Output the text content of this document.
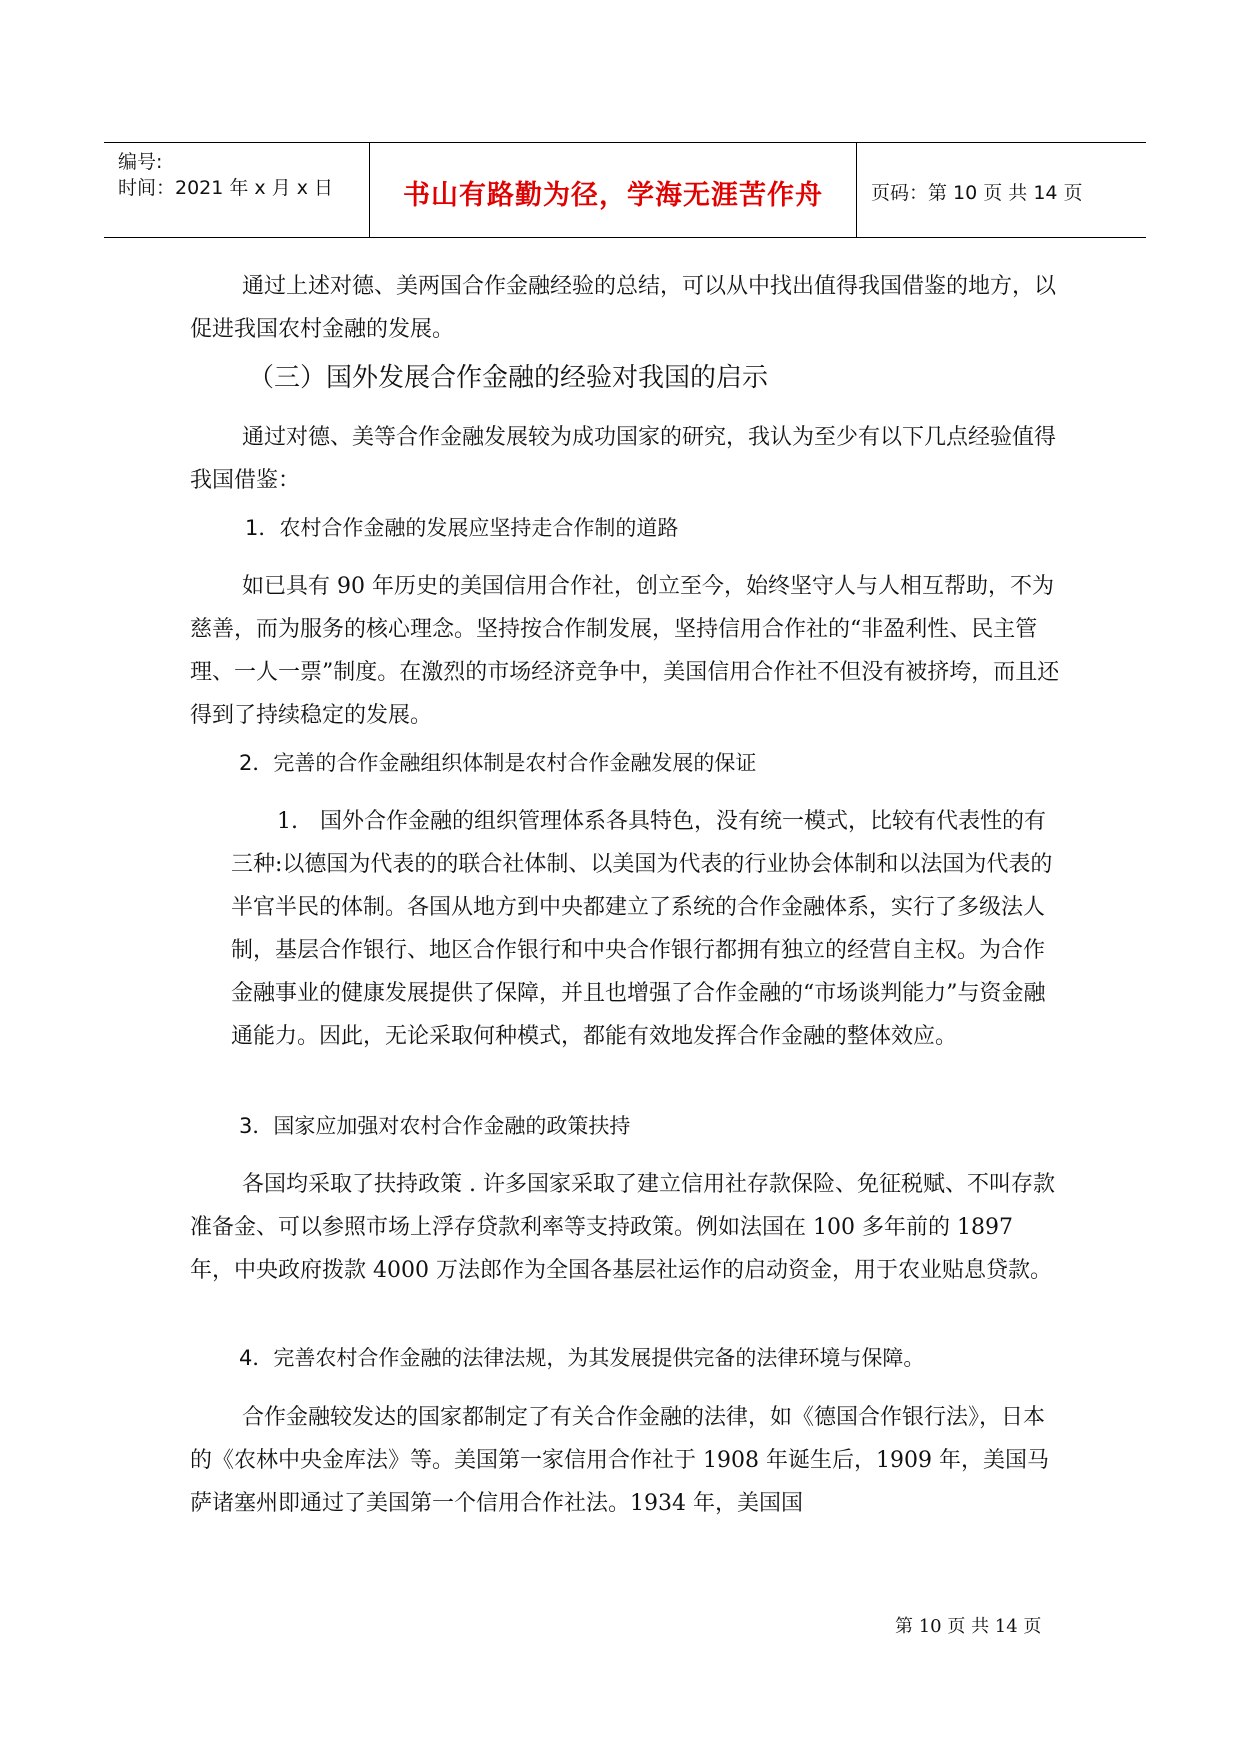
编号:
时间：2021 年 x 月 x 日	书山有路勤为径，学海无涯苦作舟	页码：第 10 页 共 14 页

通过上述对德、美两国合作金融经验的总结，可以从中找出值得我国借鉴的地方，以促进我国农村金融的发展。

（三）国外发展合作金融的经验对我国的启示

通过对德、美等合作金融发展较为成功国家的研究，我认为至少有以下几点经验值得我国借鉴：

1．农村合作金融的发展应坚持走合作制的道路

如已具有 90 年历史的美国信用合作社，创立至今，始终坚守人与人相互帮助，不为慈善，而为服务的核心理念。坚持按合作制发展，坚持信用合作社的“非盈利性、民主管理、一人一票”制度。在激烈的市场经济竞争中，美国信用合作社不但没有被挤垮，而且还得到了持续稳定的发展。

2．完善的合作金融组织体制是农村合作金融发展的保证

1. 国外合作金融的组织管理体系各具特色，没有统一模式，比较有代表性的有三种:以德国为代表的的联合社体制、以美国为代表的行业协会体制和以法国为代表的半官半民的体制。各国从地方到中央都建立了系统的合作金融体系，实行了多级法人制，基层合作银行、地区合作银行和中央合作银行都拥有独立的经营自主权。为合作金融事业的健康发展提供了保障，并且也增强了合作金融的“市场谈判能力”与资金融通能力。因此，无论采取何种模式，都能有效地发挥合作金融的整体效应。

3．国家应加强对农村合作金融的政策扶持

各国均采取了扶持政策 . 许多国家采取了建立信用社存款保险、免征税赋、不叫存款准备金、可以参照市场上浮存贷款利率等支持政策。例如法国在 100 多年前的 1897 年，中央政府拨款 4000 万法郎作为全国各基层社运作的启动资金，用于农业贴息贷款。

4．完善农村合作金融的法律法规，为其发展提供完备的法律环境与保障。

合作金融较发达的国家都制定了有关合作金融的法律，如《德国合作银行法》，日本的《农林中央金库法》等。美国第一家信用合作社于 1908 年诞生后，1909 年，美国马萨诸塞州即通过了美国第一个信用合作社法。1934 年，美国国

第 10 页 共 14 页
